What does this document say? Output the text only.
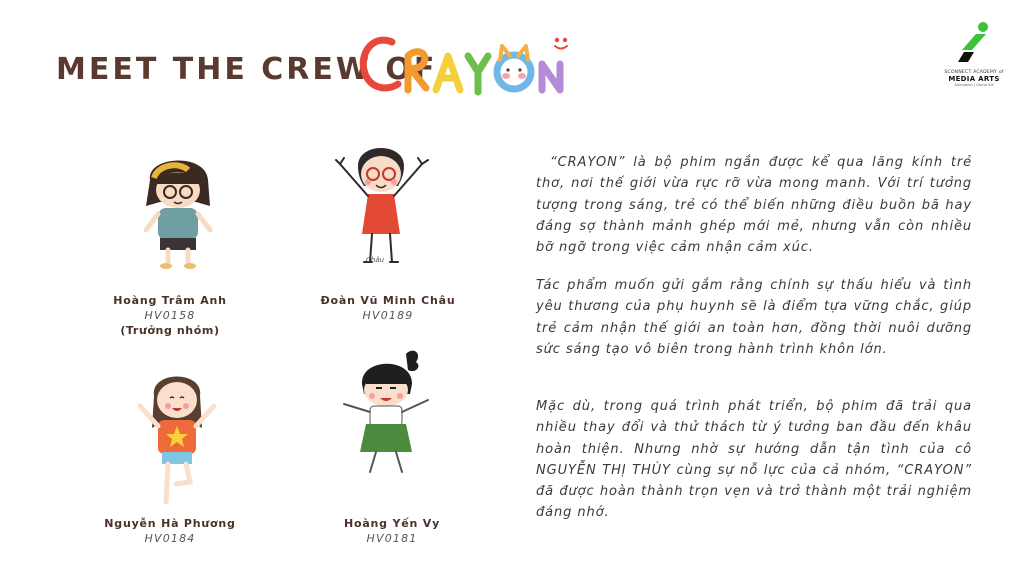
MEET THE CREW OF	SCONNECT ACADEMY of
MEDIA ARTS
Animation | Game Art
Châu
Hoàng Trâm Anh
HV0158
(Trưởng nhóm)
Đoàn Vũ Minh Châu
HV0189
Nguyễn Hà Phương
HV0184
Hoàng Yến Vy
HV0181

“CRAYON” là bộ phim ngắn được kể qua lăng kính trẻ thơ, nơi thế giới vừa rực rỡ vừa mong manh. Với trí tưởng tượng trong sáng, trẻ có thể biến những điều buồn bã hay đáng sợ thành mảnh ghép mới mẻ, nhưng vẫn còn nhiều bỡ ngỡ trong việc cảm nhận cảm xúc.

Tác phẩm muốn gửi gắm rằng chính sự thấu hiểu và tình yêu thương của phụ huynh sẽ là điểm tựa vững chắc, giúp trẻ cảm nhận thế giới an toàn hơn, đồng thời nuôi dưỡng sức sáng tạo vô biên trong hành trình khôn lớn.

Mặc dù, trong quá trình phát triển, bộ phim đã trải qua nhiều thay đổi và thử thách từ ý tưởng ban đầu đến khâu hoàn thiện. Nhưng nhờ sự hướng dẫn tận tình của cô NGUYỄN THỊ THÙY cùng sự nỗ lực của cả nhóm, “CRAYON” đã được hoàn thành trọn vẹn và trở thành một trải nghiệm đáng nhớ.
